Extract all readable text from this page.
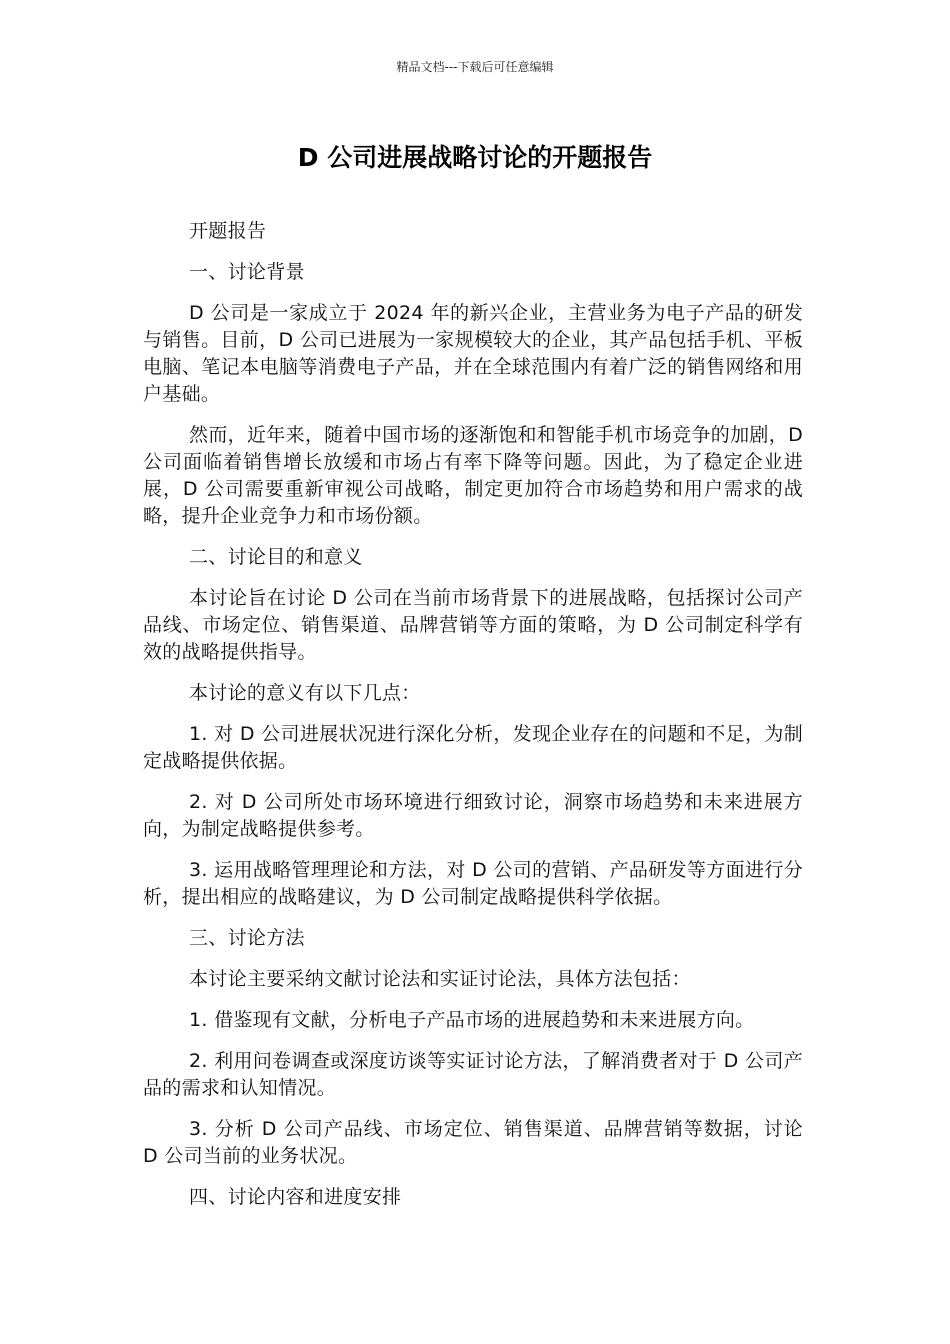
精品文档---下载后可任意编辑
D 公司进展战略讨论的开题报告

开题报告

一、讨论背景

D 公司是一家成立于 2024 年的新兴企业，主营业务为电子产品的研发与销售。目前，D 公司已进展为一家规模较大的企业，其产品包括手机、平板电脑、笔记本电脑等消费电子产品，并在全球范围内有着广泛的销售网络和用户基础。

然而，近年来，随着中国市场的逐渐饱和和智能手机市场竞争的加剧，D 公司面临着销售增长放缓和市场占有率下降等问题。因此，为了稳定企业进展，D 公司需要重新审视公司战略，制定更加符合市场趋势和用户需求的战略，提升企业竞争力和市场份额。

二、讨论目的和意义

本讨论旨在讨论 D 公司在当前市场背景下的进展战略，包括探讨公司产品线、市场定位、销售渠道、品牌营销等方面的策略，为 D 公司制定科学有效的战略提供指导。

本讨论的意义有以下几点：

1. 对 D 公司进展状况进行深化分析，发现企业存在的问题和不足，为制定战略提供依据。

2. 对 D 公司所处市场环境进行细致讨论，洞察市场趋势和未来进展方向，为制定战略提供参考。

3. 运用战略管理理论和方法，对 D 公司的营销、产品研发等方面进行分析，提出相应的战略建议，为 D 公司制定战略提供科学依据。

三、讨论方法

本讨论主要采纳文献讨论法和实证讨论法，具体方法包括：

1. 借鉴现有文献，分析电子产品市场的进展趋势和未来进展方向。

2. 利用问卷调查或深度访谈等实证讨论方法，了解消费者对于 D 公司产品的需求和认知情况。

3. 分析 D 公司产品线、市场定位、销售渠道、品牌营销等数据，讨论 D 公司当前的业务状况。

四、讨论内容和进度安排
